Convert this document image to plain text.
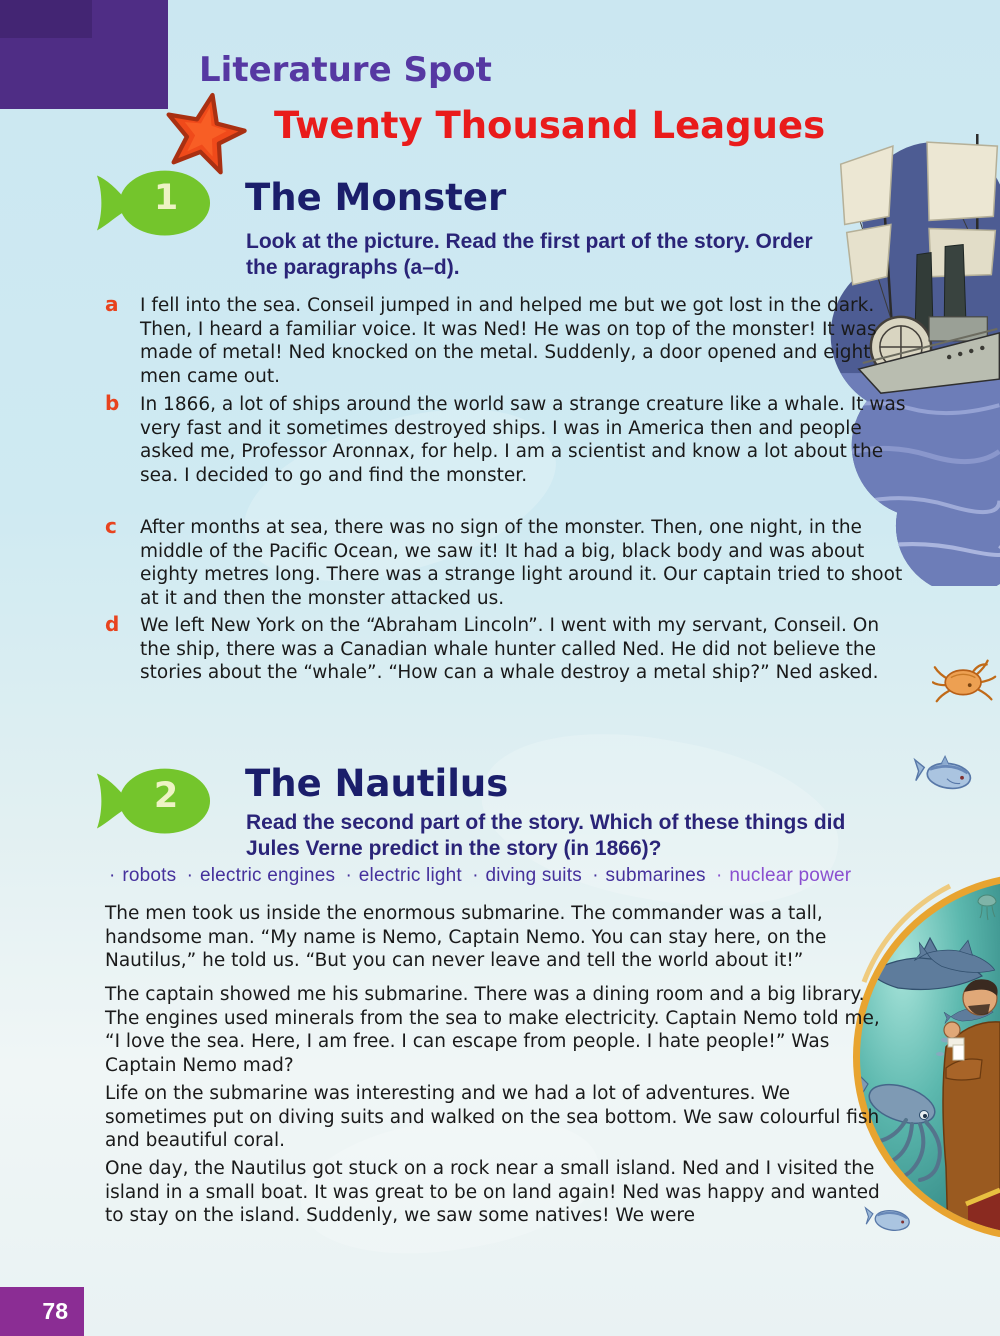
Literature Spot
Twenty Thousand Leagues
1 The Monster
Look at the picture. Read the first part of the story. Order the paragraphs (a–d).
a I fell into the sea. Conseil jumped in and helped me but we got lost in the dark. Then, I heard a familiar voice. It was Ned! He was on top of the monster! It was made of metal! Ned knocked on the metal. Suddenly, a door opened and eight men came out.
b In 1866, a lot of ships around the world saw a strange creature like a whale. It was very fast and it sometimes destroyed ships. I was in America then and people asked me, Professor Aronnax, for help. I am a scientist and know a lot about the sea. I decided to go and find the monster.
c After months at sea, there was no sign of the monster. Then, one night, in the middle of the Pacific Ocean, we saw it! It had a big, black body and was about eighty metres long. There was a strange light around it. Our captain tried to shoot at it and then the monster attacked us.
d We left New York on the “Abraham Lincoln”. I went with my servant, Conseil. On the ship, there was a Canadian whale hunter called Ned. He did not believe the stories about the “whale”. “How can a whale destroy a metal ship?” Ned asked.
2 The Nautilus
Read the second part of the story. Which of these things did Jules Verne predict in the story (in 1866)?
· robots · electric engines · electric light · diving suits · submarines · nuclear power
The men took us inside the enormous submarine. The commander was a tall, handsome man. “My name is Nemo, Captain Nemo. You can stay here, on the Nautilus,” he told us. “But you can never leave and tell the world about it!”
The captain showed me his submarine. There was a dining room and a big library. The engines used minerals from the sea to make electricity. Captain Nemo told me, “I love the sea. Here, I am free. I can escape from people. I hate people!” Was Captain Nemo mad?
Life on the submarine was interesting and we had a lot of adventures. We sometimes put on diving suits and walked on the sea bottom. We saw colourful fish and beautiful coral.
One day, the Nautilus got stuck on a rock near a small island. Ned and I visited the island in a small boat. It was great to be on land again! Ned was happy and wanted to stay on the island. Suddenly, we saw some natives! We were
78
